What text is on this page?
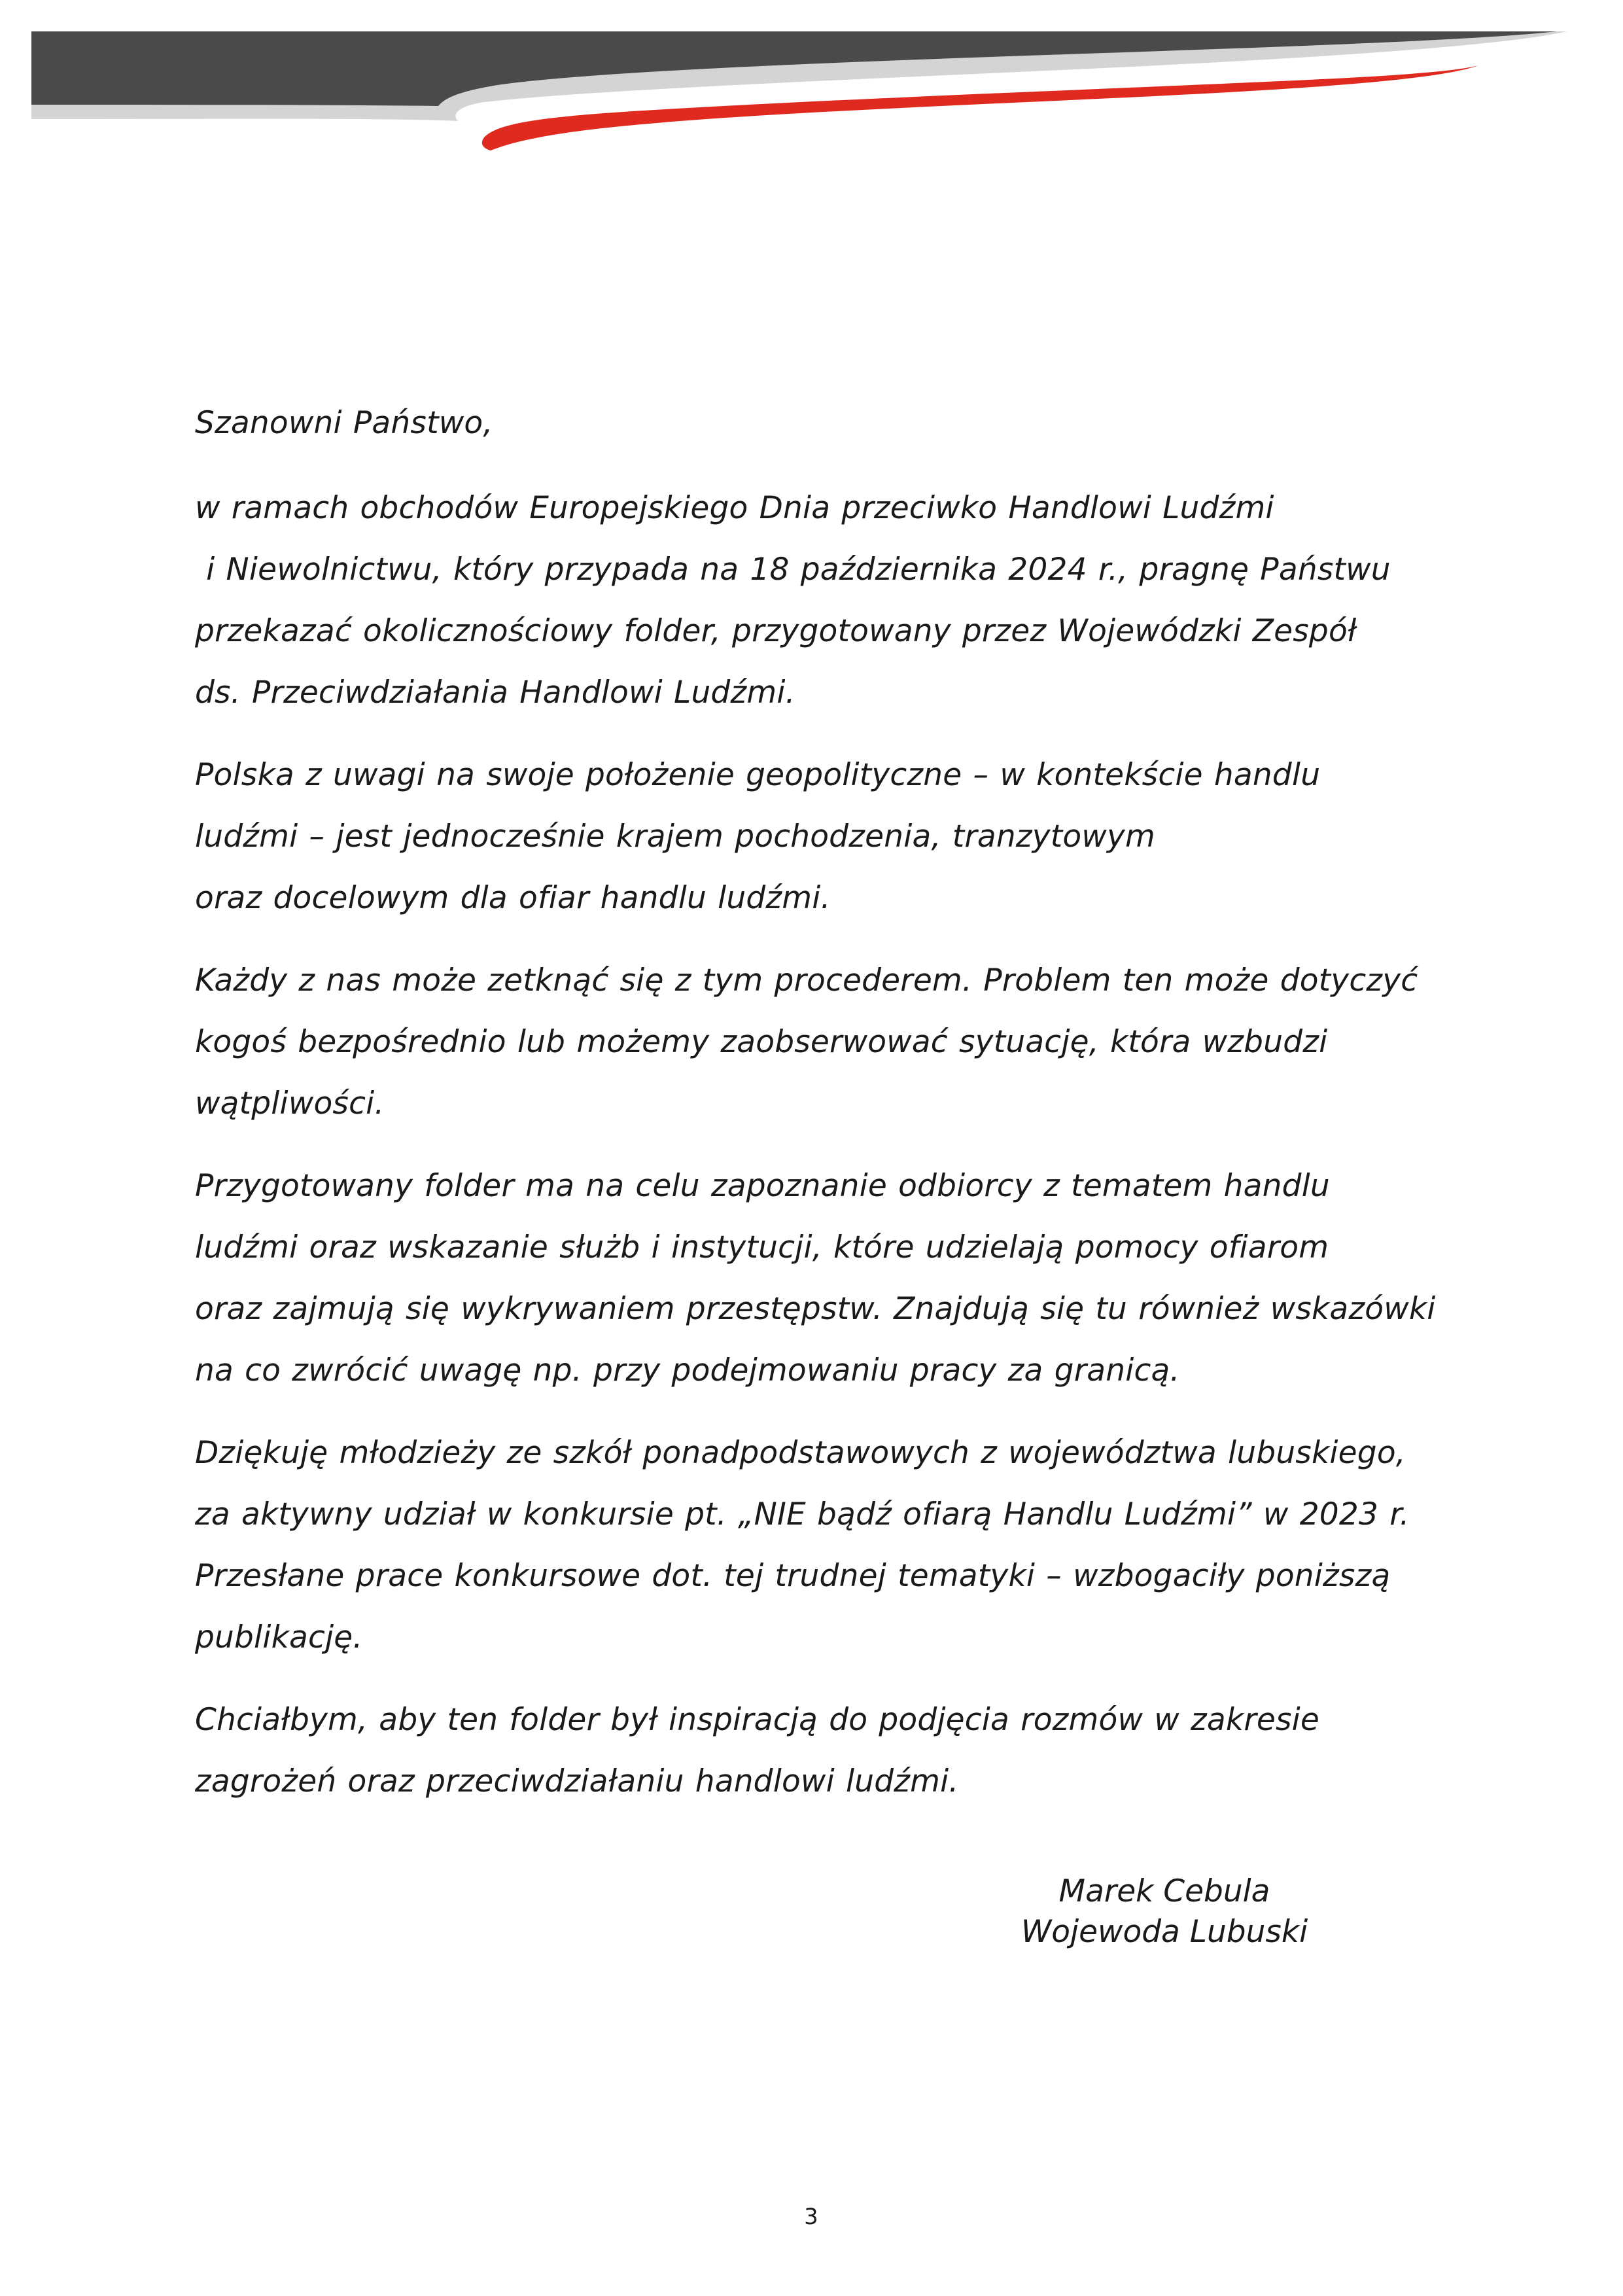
Szanowni Państwo,

w ramach obchodów Europejskiego Dnia przeciwko Handlowi Ludźmi
i Niewolnictwu, który przypada na 18 października 2024 r., pragnę Państwu
przekazać okolicznościowy folder, przygotowany przez Wojewódzki Zespół
ds. Przeciwdziałania Handlowi Ludźmi.

Polska z uwagi na swoje położenie geopolityczne – w kontekście handlu
ludźmi – jest jednocześnie krajem pochodzenia, tranzytowym
oraz docelowym dla ofiar handlu ludźmi.

Każdy z nas może zetknąć się z tym procederem. Problem ten może dotyczyć
kogoś bezpośrednio lub możemy zaobserwować sytuację, która wzbudzi
wątpliwości.

Przygotowany folder ma na celu zapoznanie odbiorcy z tematem handlu
ludźmi oraz wskazanie służb i instytucji, które udzielają pomocy ofiarom
oraz zajmują się wykrywaniem przestępstw. Znajdują się tu również wskazówki
na co zwrócić uwagę np. przy podejmowaniu pracy za granicą.

Dziękuję młodzieży ze szkół ponadpodstawowych z województwa lubuskiego,
za aktywny udział w konkursie pt. „NIE bądź ofiarą Handlu Ludźmi” w 2023 r.
Przesłane prace konkursowe dot. tej trudnej tematyki – wzbogaciły poniższą
publikację.

Chciałbym, aby ten folder był inspiracją do podjęcia rozmów w zakresie
zagrożeń oraz przeciwdziałaniu handlowi ludźmi.

Marek Cebula
Wojewoda Lubuski
3
